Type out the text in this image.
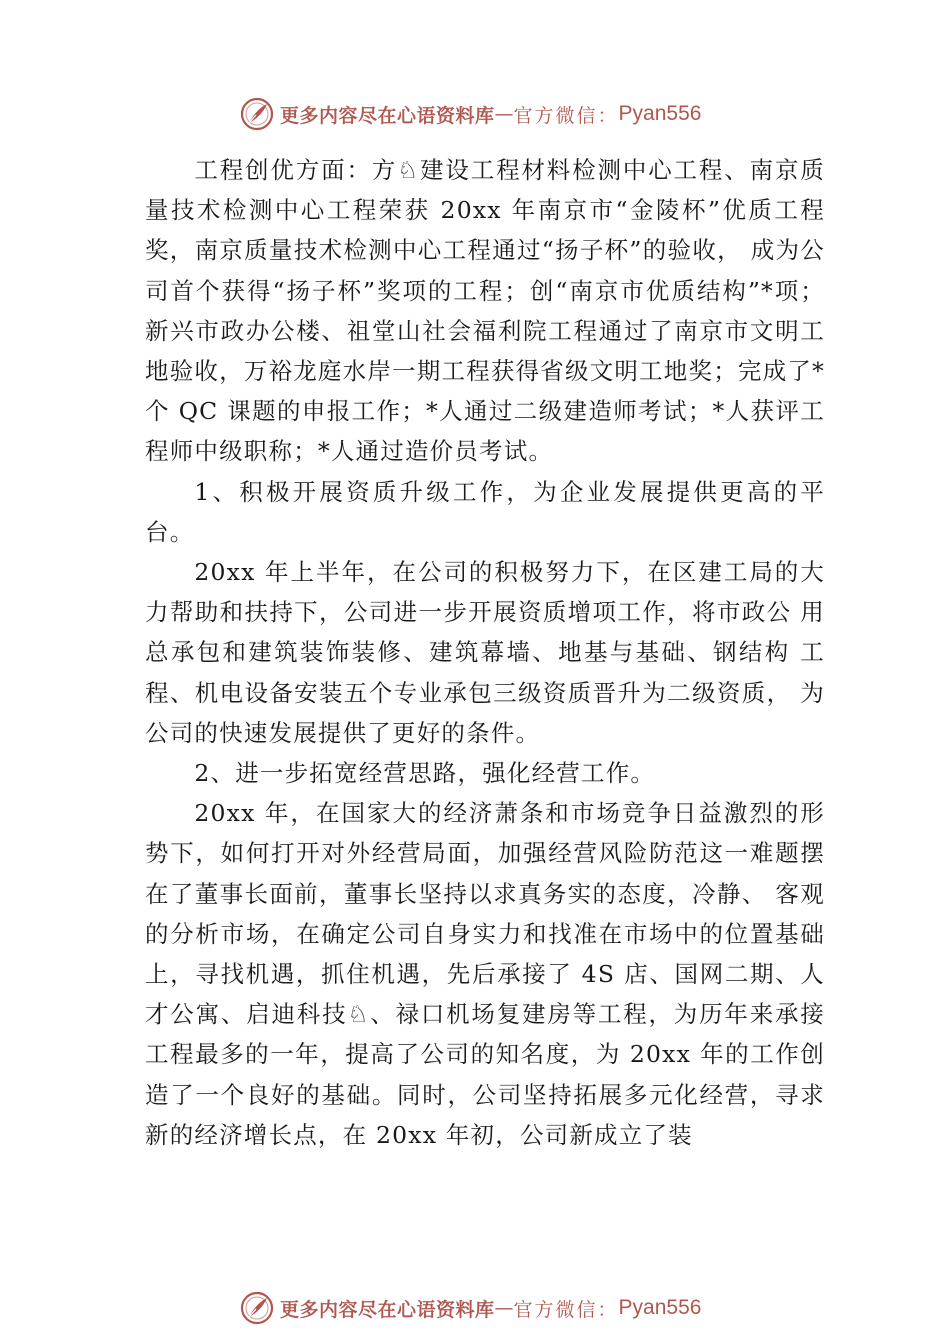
更多内容尽在心语资料库 — 官方微信： Pyan556

工程创优方面：方♘建设工程材料检测中心工程、南京质量技术检测中心工程荣获 20xx 年南京市“金陵杯”优质工程奖，南京质量技术检测中心工程通过“扬子杯”的验收， 成为公司首个获得“扬子杯”奖项的工程；创“南京市优质结构”*项；新兴市政办公楼、祖堂山社会福利院工程通过了南京市文明工地验收，万裕龙庭水岸一期工程获得省级文明工地奖；完成了*个 QC 课题的申报工作；*人通过二级建造师考试；*人获评工程师中级职称；*人通过造价员考试。

1、积极开展资质升级工作，为企业发展提供更高的平台。

20xx 年上半年，在公司的积极努力下，在区建工局的大力帮助和扶持下，公司进一步开展资质增项工作，将市政公 用总承包和建筑装饰装修、建筑幕墙、地基与基础、钢结构 工程、机电设备安装五个专业承包三级资质晋升为二级资质， 为公司的快速发展提供了更好的条件。

2、进一步拓宽经营思路，强化经营工作。

20xx 年，在国家大的经济萧条和市场竞争日益激烈的形势下，如何打开对外经营局面，加强经营风险防范这一难题摆在了董事长面前，董事长坚持以求真务实的态度，冷静、 客观的分析市场，在确定公司自身实力和找准在市场中的位置基础上，寻找机遇，抓住机遇，先后承接了 4S 店、国网二期、人才公寓、启迪科技♘、禄口机场复建房等工程，为历年来承接工程最多的一年，提高了公司的知名度，为 20xx 年的工作创造了一个良好的基础。同时，公司坚持拓展多元化经营，寻求新的经济增长点，在 20xx 年初，公司新成立了装

更多内容尽在心语资料库 — 官方微信： Pyan556
